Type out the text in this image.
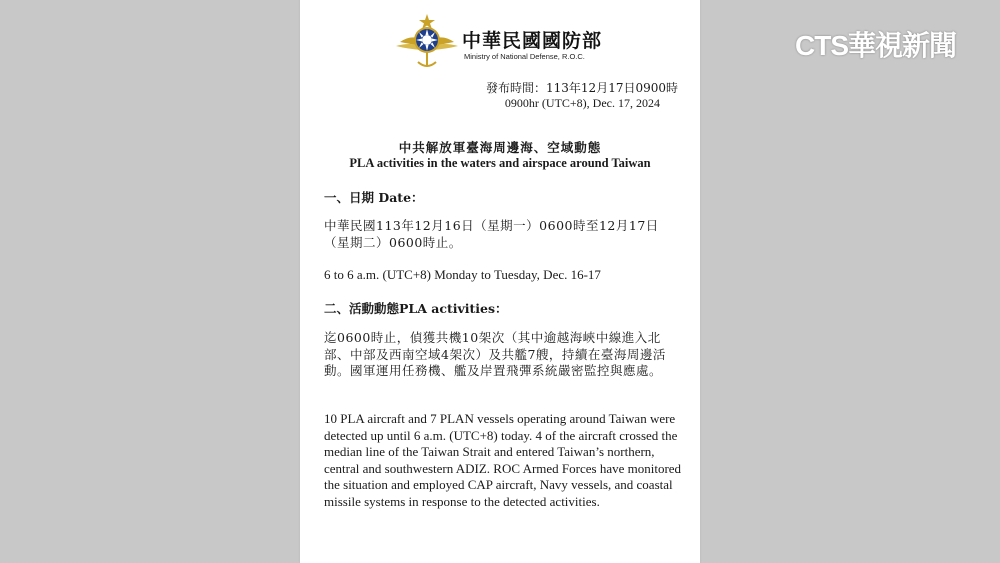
中華民國國防部
Ministry of National Defense, R.O.C.
發布時間：113年12月17日0900時
0900hr (UTC+8), Dec. 17, 2024
中共解放軍臺海周邊海、空域動態
PLA activities in the waters and airspace around Taiwan
一、日期 Date：
中華民國113年12月16日（星期一）0600時至12月17日（星期二）0600時止。
6 to 6 a.m. (UTC+8) Monday to Tuesday, Dec. 16-17
二、活動動態PLA activities：
迄0600時止，偵獲共機10架次（其中逾越海峽中線進入北部、中部及西南空域4架次）及共艦7艘，持續在臺海周邊活動。國軍運用任務機、艦及岸置飛彈系統嚴密監控與應處。
10 PLA aircraft and 7 PLAN vessels operating around Taiwan were detected up until 6 a.m. (UTC+8) today. 4 of the aircraft crossed the median line of the Taiwan Strait and entered Taiwan’s northern, central and southwestern ADIZ. ROC Armed Forces have monitored the situation and employed CAP aircraft, Navy vessels, and coastal missile systems in response to the detected activities.
CTS華視新聞
